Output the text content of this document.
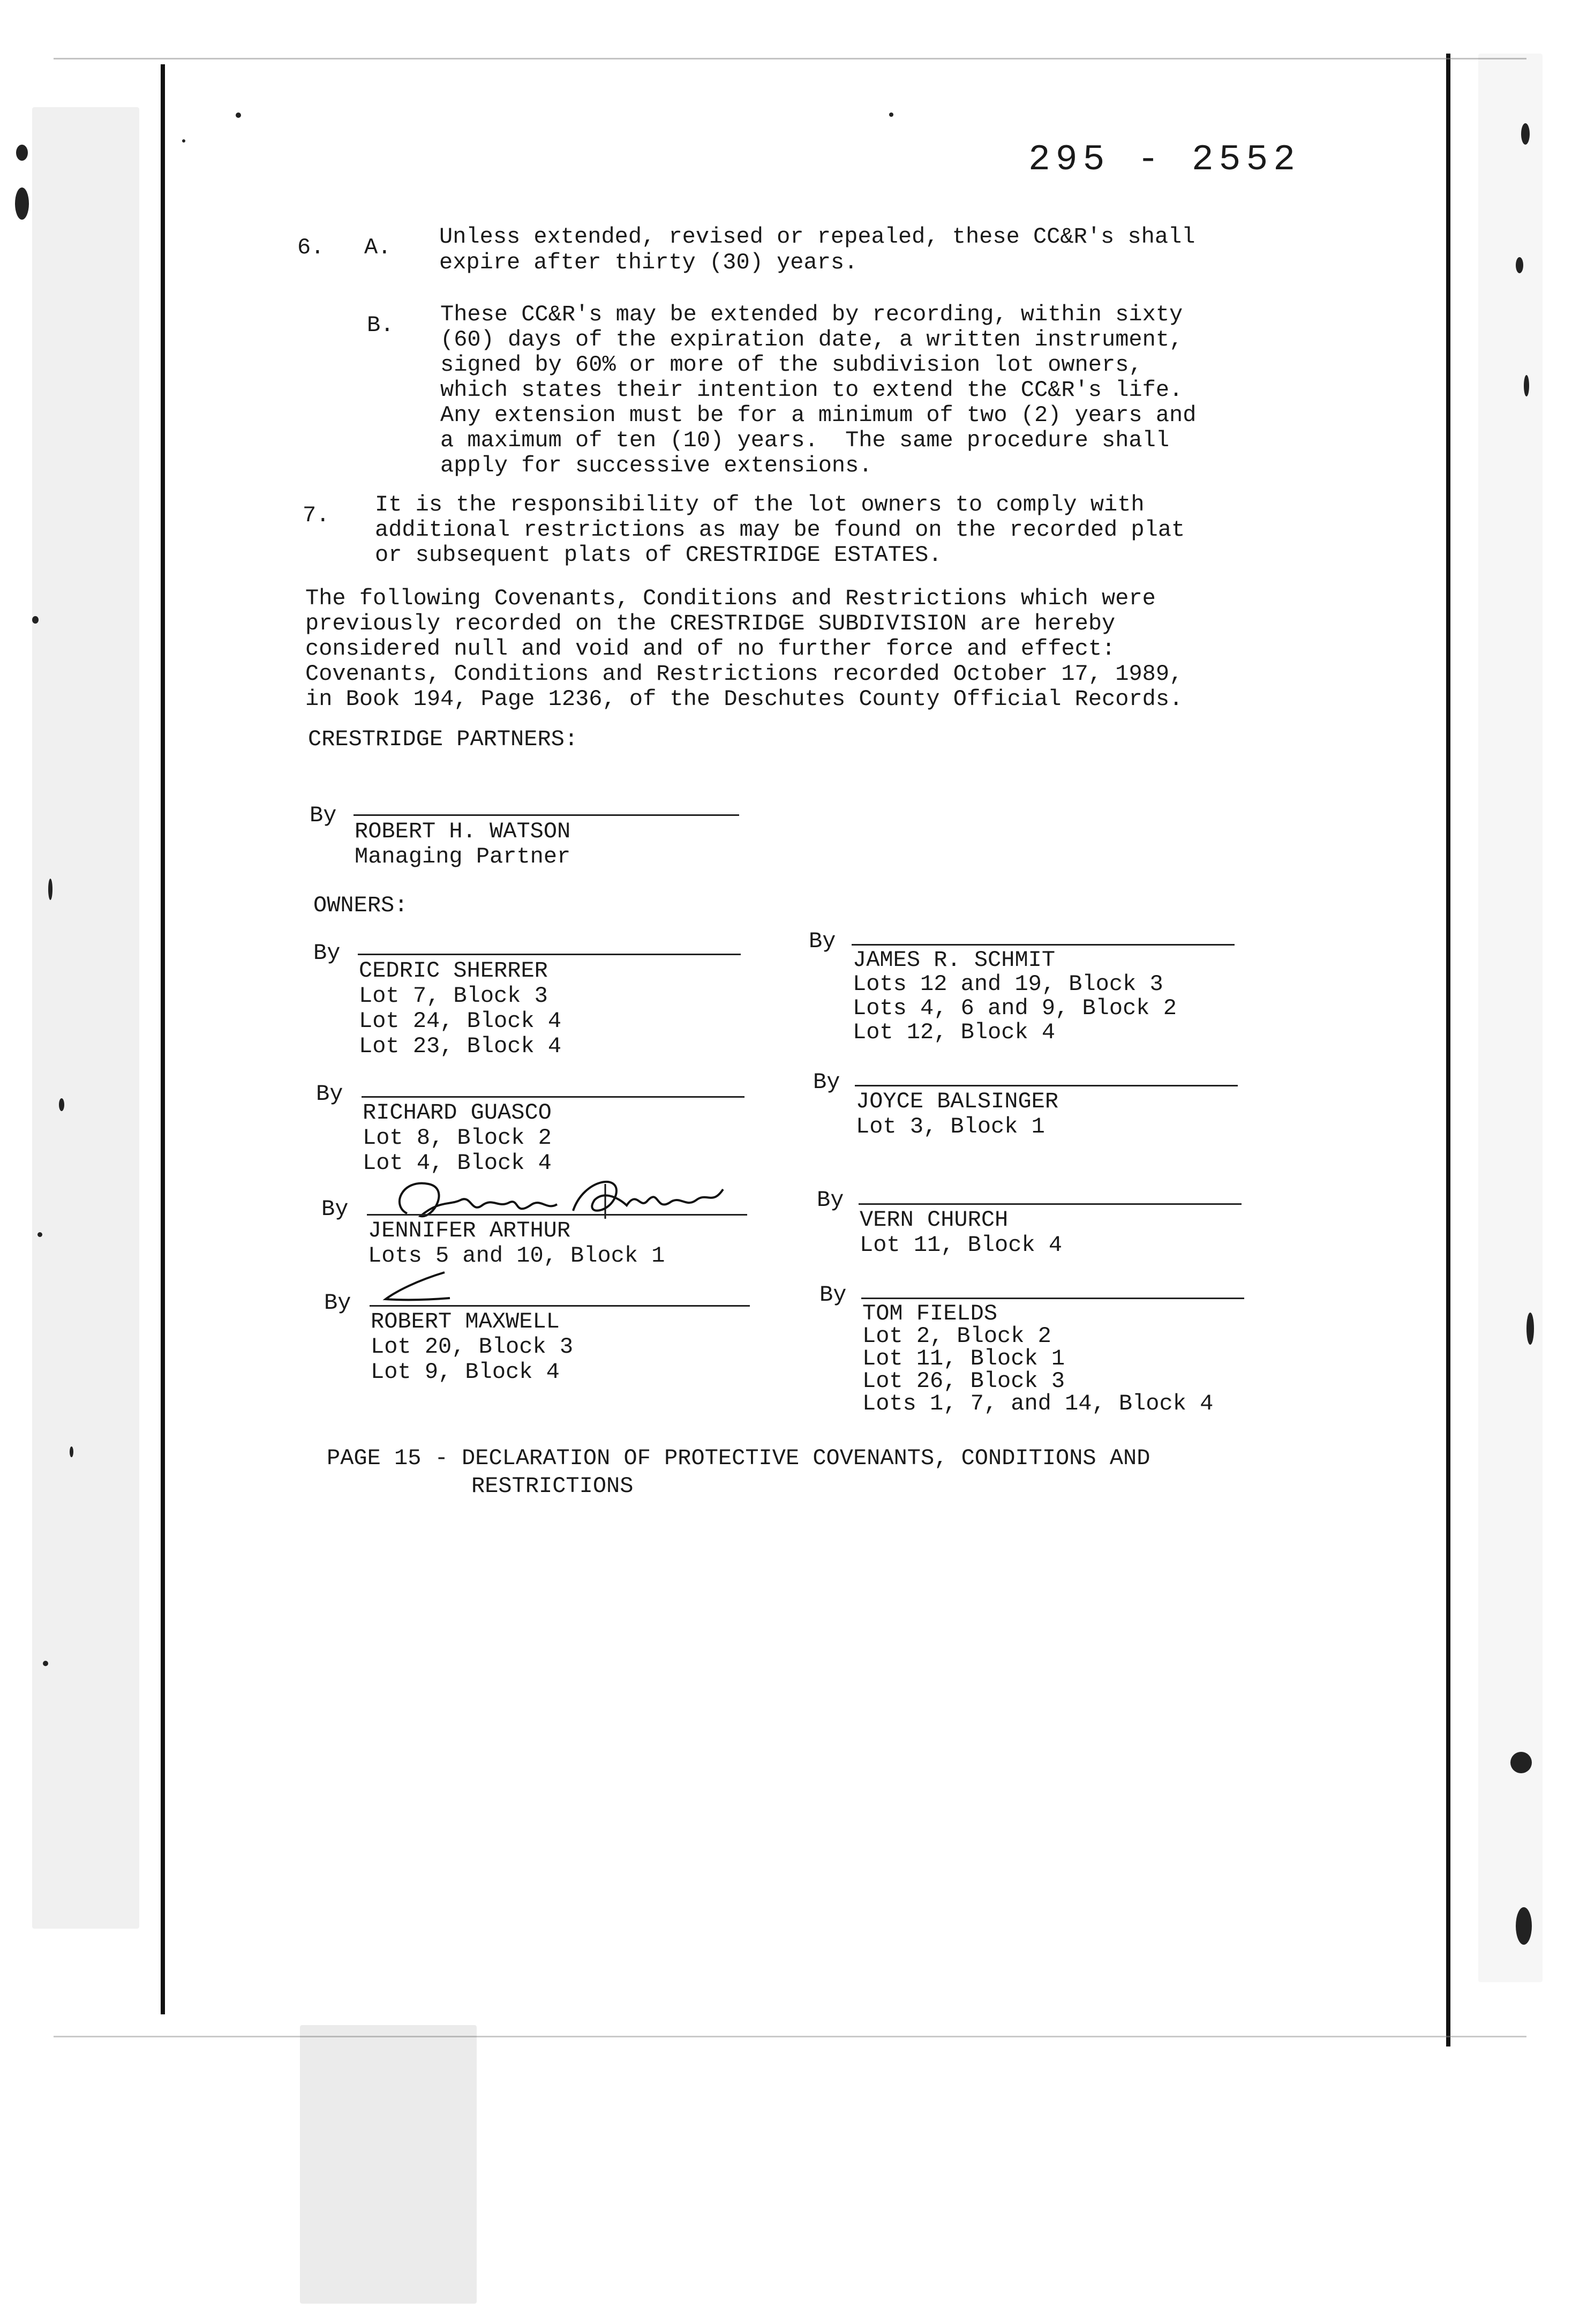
295 - 2552
6. A. Unless extended, revised or repealed, these CC&R's shall
expire after thirty (30) years.
B. These CC&R's may be extended by recording, within sixty
(60) days of the expiration date, a written instrument,
signed by 60% or more of the subdivision lot owners,
which states their intention to extend the CC&R's life.
Any extension must be for a minimum of two (2) years and
a maximum of ten (10) years.  The same procedure shall
apply for successive extensions.
7. It is the responsibility of the lot owners to comply with
additional restrictions as may be found on the recorded plat
or subsequent plats of CRESTRIDGE ESTATES.
The following Covenants, Conditions and Restrictions which were
previously recorded on the CRESTRIDGE SUBDIVISION are hereby
considered null and void and of no further force and effect:
Covenants, Conditions and Restrictions recorded October 17, 1989,
in Book 194, Page 1236, of the Deschutes County Official Records.
CRESTRIDGE PARTNERS:
By
ROBERT H. WATSON
Managing Partner
OWNERS:
By
CEDRIC SHERRER
Lot 7, Block 3
Lot 24, Block 4
Lot 23, Block 4
By
RICHARD GUASCO
Lot 8, Block 2
Lot 4, Block 4
By
JENNIFER ARTHUR
Lots 5 and 10, Block 1
By
ROBERT MAXWELL
Lot 20, Block 3
Lot 9, Block 4
By
JAMES R. SCHMIT
Lots 12 and 19, Block 3
Lots 4, 6 and 9, Block 2
Lot 12, Block 4
By
JOYCE BALSINGER
Lot 3, Block 1
By
VERN CHURCH
Lot 11, Block 4
By
TOM FIELDS
Lot 2, Block 2
Lot 11, Block 1
Lot 26, Block 3
Lots 1, 7, and 14, Block 4
PAGE 15 - DECLARATION OF PROTECTIVE COVENANTS, CONDITIONS AND
RESTRICTIONS
